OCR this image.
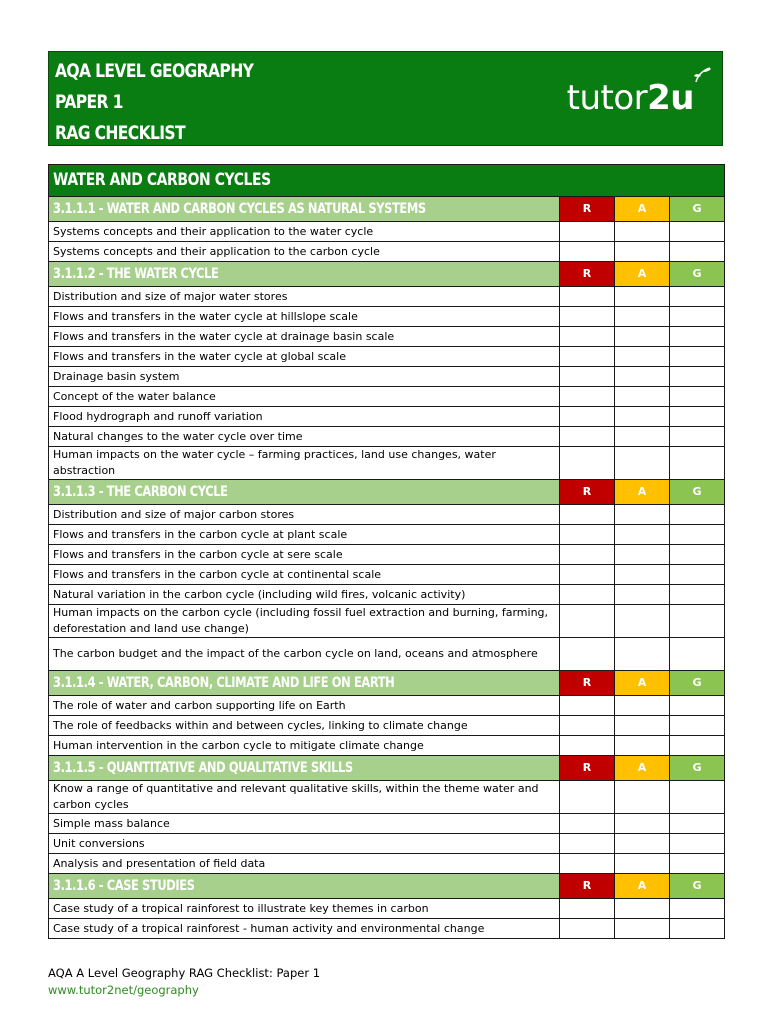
AQA LEVEL GEOGRAPHY
PAPER 1
RAG CHECKLIST
tutor2u
WATER AND CARBON CYCLES			
3.1.1.1 - WATER AND CARBON CYCLES AS NATURAL SYSTEMS	R	A	G
Systems concepts and their application to the water cycle			
Systems concepts and their application to the carbon cycle			
3.1.1.2 - THE WATER CYCLE	R	A	G
Distribution and size of major water stores			
Flows and transfers in the water cycle at hillslope scale			
Flows and transfers in the water cycle at drainage basin scale			
Flows and transfers in the water cycle at global scale			
Drainage basin system			
Concept of the water balance			
Flood hydrograph and runoff variation			
Natural changes to the water cycle over time			
Human impacts on the water cycle – farming practices, land use changes, water abstraction			
3.1.1.3 - THE CARBON CYCLE	R	A	G
Distribution and size of major carbon stores			
Flows and transfers in the carbon cycle at plant scale			
Flows and transfers in the carbon cycle at sere scale			
Flows and transfers in the carbon cycle at continental scale			
Natural variation in the carbon cycle (including wild fires, volcanic activity)			
Human impacts on the carbon cycle (including fossil fuel extraction and burning, farming, deforestation and land use change)			
The carbon budget and the impact of the carbon cycle on land, oceans and atmosphere			
3.1.1.4 - WATER, CARBON, CLIMATE AND LIFE ON EARTH	R	A	G
The role of water and carbon supporting life on Earth			
The role of feedbacks within and between cycles, linking to climate change			
Human intervention in the carbon cycle to mitigate climate change			
3.1.1.5 - QUANTITATIVE AND QUALITATIVE SKILLS	R	A	G
Know a range of quantitative and relevant qualitative skills, within the theme water and carbon cycles			
Simple mass balance			
Unit conversions			
Analysis and presentation of field data			
3.1.1.6 - CASE STUDIES	R	A	G
Case study of a tropical rainforest to illustrate key themes in carbon			
Case study of a tropical rainforest - human activity and environmental change			
AQA A Level Geography RAG Checklist: Paper 1
www.tutor2net/geography
